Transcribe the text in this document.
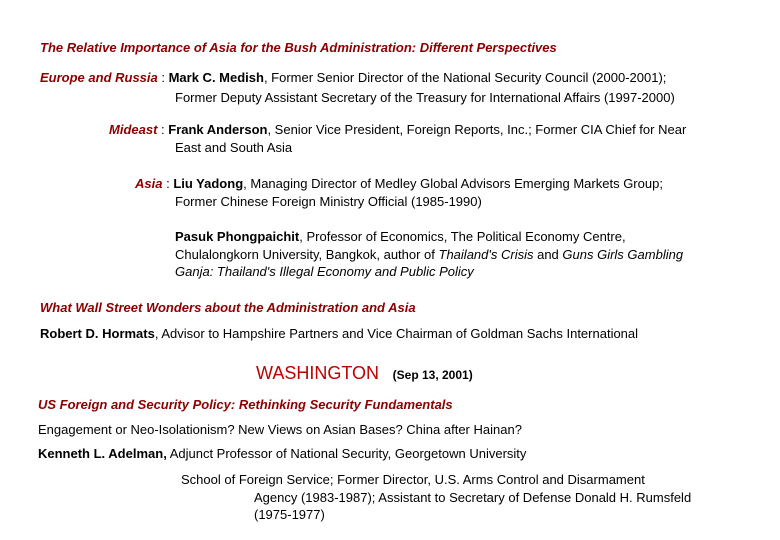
The Relative Importance of Asia for the Bush Administration: Different Perspectives
Europe and Russia : Mark C. Medish, Former Senior Director of the National Security Council (2000-2001);
Former Deputy Assistant Secretary of the Treasury for International Affairs (1997-2000)
Mideast : Frank Anderson, Senior Vice President, Foreign Reports, Inc.; Former CIA Chief for Near
East and South Asia
Asia : Liu Yadong, Managing Director of Medley Global Advisors Emerging Markets Group;
Former Chinese Foreign Ministry Official (1985-1990)
Pasuk Phongpaichit, Professor of Economics, The Political Economy Centre,
Chulalongkorn University, Bangkok, author of Thailand's Crisis and Guns Girls Gambling
Ganja: Thailand's Illegal Economy and Public Policy
What Wall Street Wonders about the Administration and Asia
Robert D. Hormats, Advisor to Hampshire Partners and Vice Chairman of Goldman Sachs International
WASHINGTON (Sep 13, 2001)
US Foreign and Security Policy: Rethinking Security Fundamentals
Engagement or Neo-Isolationism? New Views on Asian Bases? China after Hainan?
Kenneth L. Adelman, Adjunct Professor of National Security, Georgetown University
School of Foreign Service; Former Director, U.S. Arms Control and Disarmament
Agency (1983-1987); Assistant to Secretary of Defense Donald H. Rumsfeld
(1975-1977)
